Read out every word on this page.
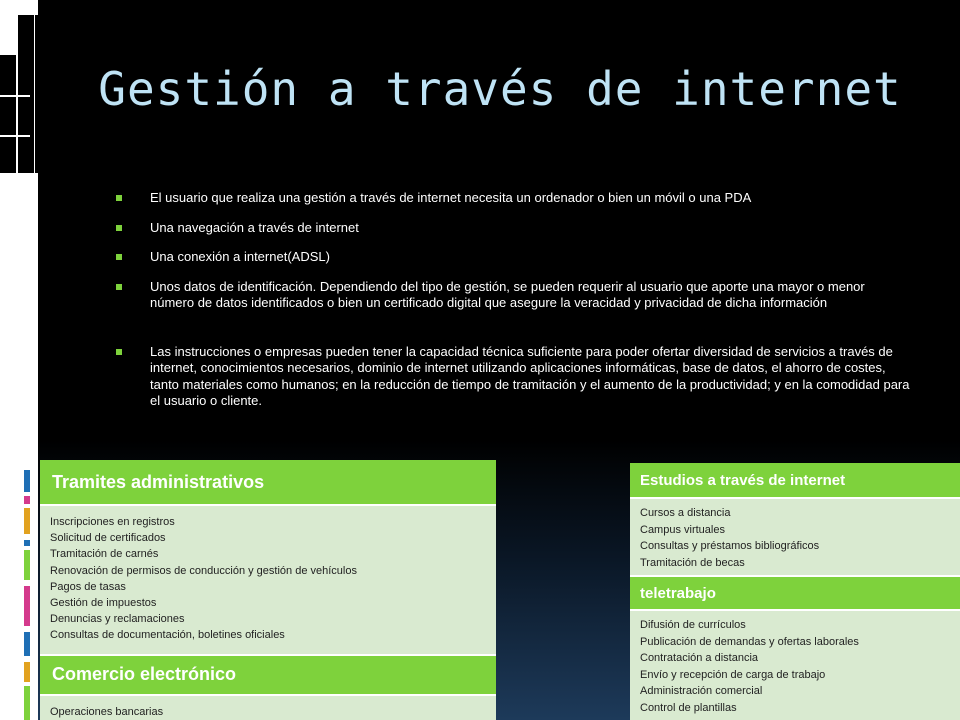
Gestión a través de internet
El usuario que realiza una gestión a través de internet necesita un ordenador o bien un móvil o una PDA
Una navegación a través de internet
Una conexión a internet(ADSL)
Unos datos de identificación. Dependiendo del tipo de gestión, se pueden requerir al usuario que aporte una mayor o menor número de datos identificados o bien un certificado digital que asegure la veracidad y privacidad de dicha información
Las instrucciones o empresas pueden tener la capacidad técnica suficiente para poder ofertar diversidad de servicios a través de internet, conocimientos necesarios, dominio de internet utilizando aplicaciones informáticas, base de datos, el ahorro de costes, tanto materiales como humanos; en la reducción de tiempo de tramitación y el aumento de la productividad; y en la comodidad para el usuario o cliente.
Tramites administrativos
Inscripciones en registros
Solicitud de certificados
Tramitación de carnés
Renovación de permisos de conducción y gestión de vehículos
Pagos de tasas
Gestión de impuestos
Denuncias y reclamaciones
Consultas de documentación, boletines oficiales
Comercio electrónico
Operaciones bancarias
Estudios a través de internet
Cursos a distancia
Campus virtuales
Consultas y préstamos bibliográficos
Tramitación de becas
teletrabajo
Difusión de currículos
Publicación de demandas y ofertas laborales
Contratación a distancia
Envío y recepción de carga de trabajo
Administración comercial
Control de plantillas
